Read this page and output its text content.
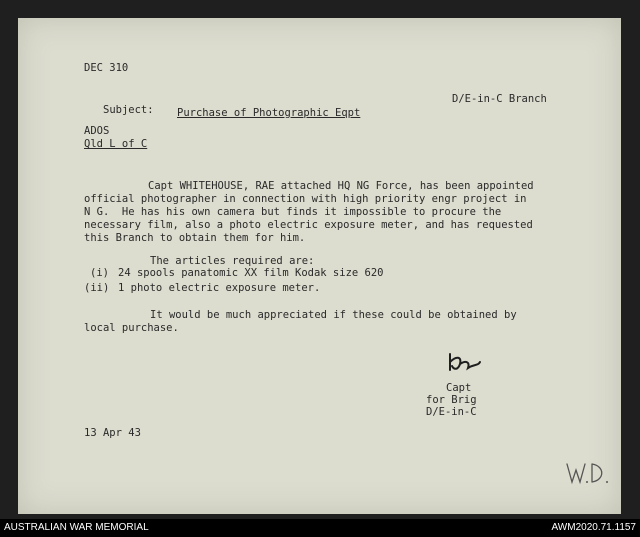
DEC 310
D/E-in-C Branch
Subject: Purchase of Photographic Eqpt
ADOS
Qld L of C
Capt WHITEHOUSE, RAE attached HQ NG Force, has been appointed
official photographer in connection with high priority engr project in
N G.  He has his own camera but finds it impossible to procure the
necessary film, also a photo electric exposure meter, and has requested
this Branch to obtain them for him.
The articles required are:
(i) 24 spools panatomic XX film Kodak size 620
(ii) 1 photo electric exposure meter.
It would be much appreciated if these could be obtained by
local purchase.
Capt
for Brig
D/E-in-C
13 Apr 43
AUSTRALIAN WAR MEMORIAL	AWM2020.71.1157
